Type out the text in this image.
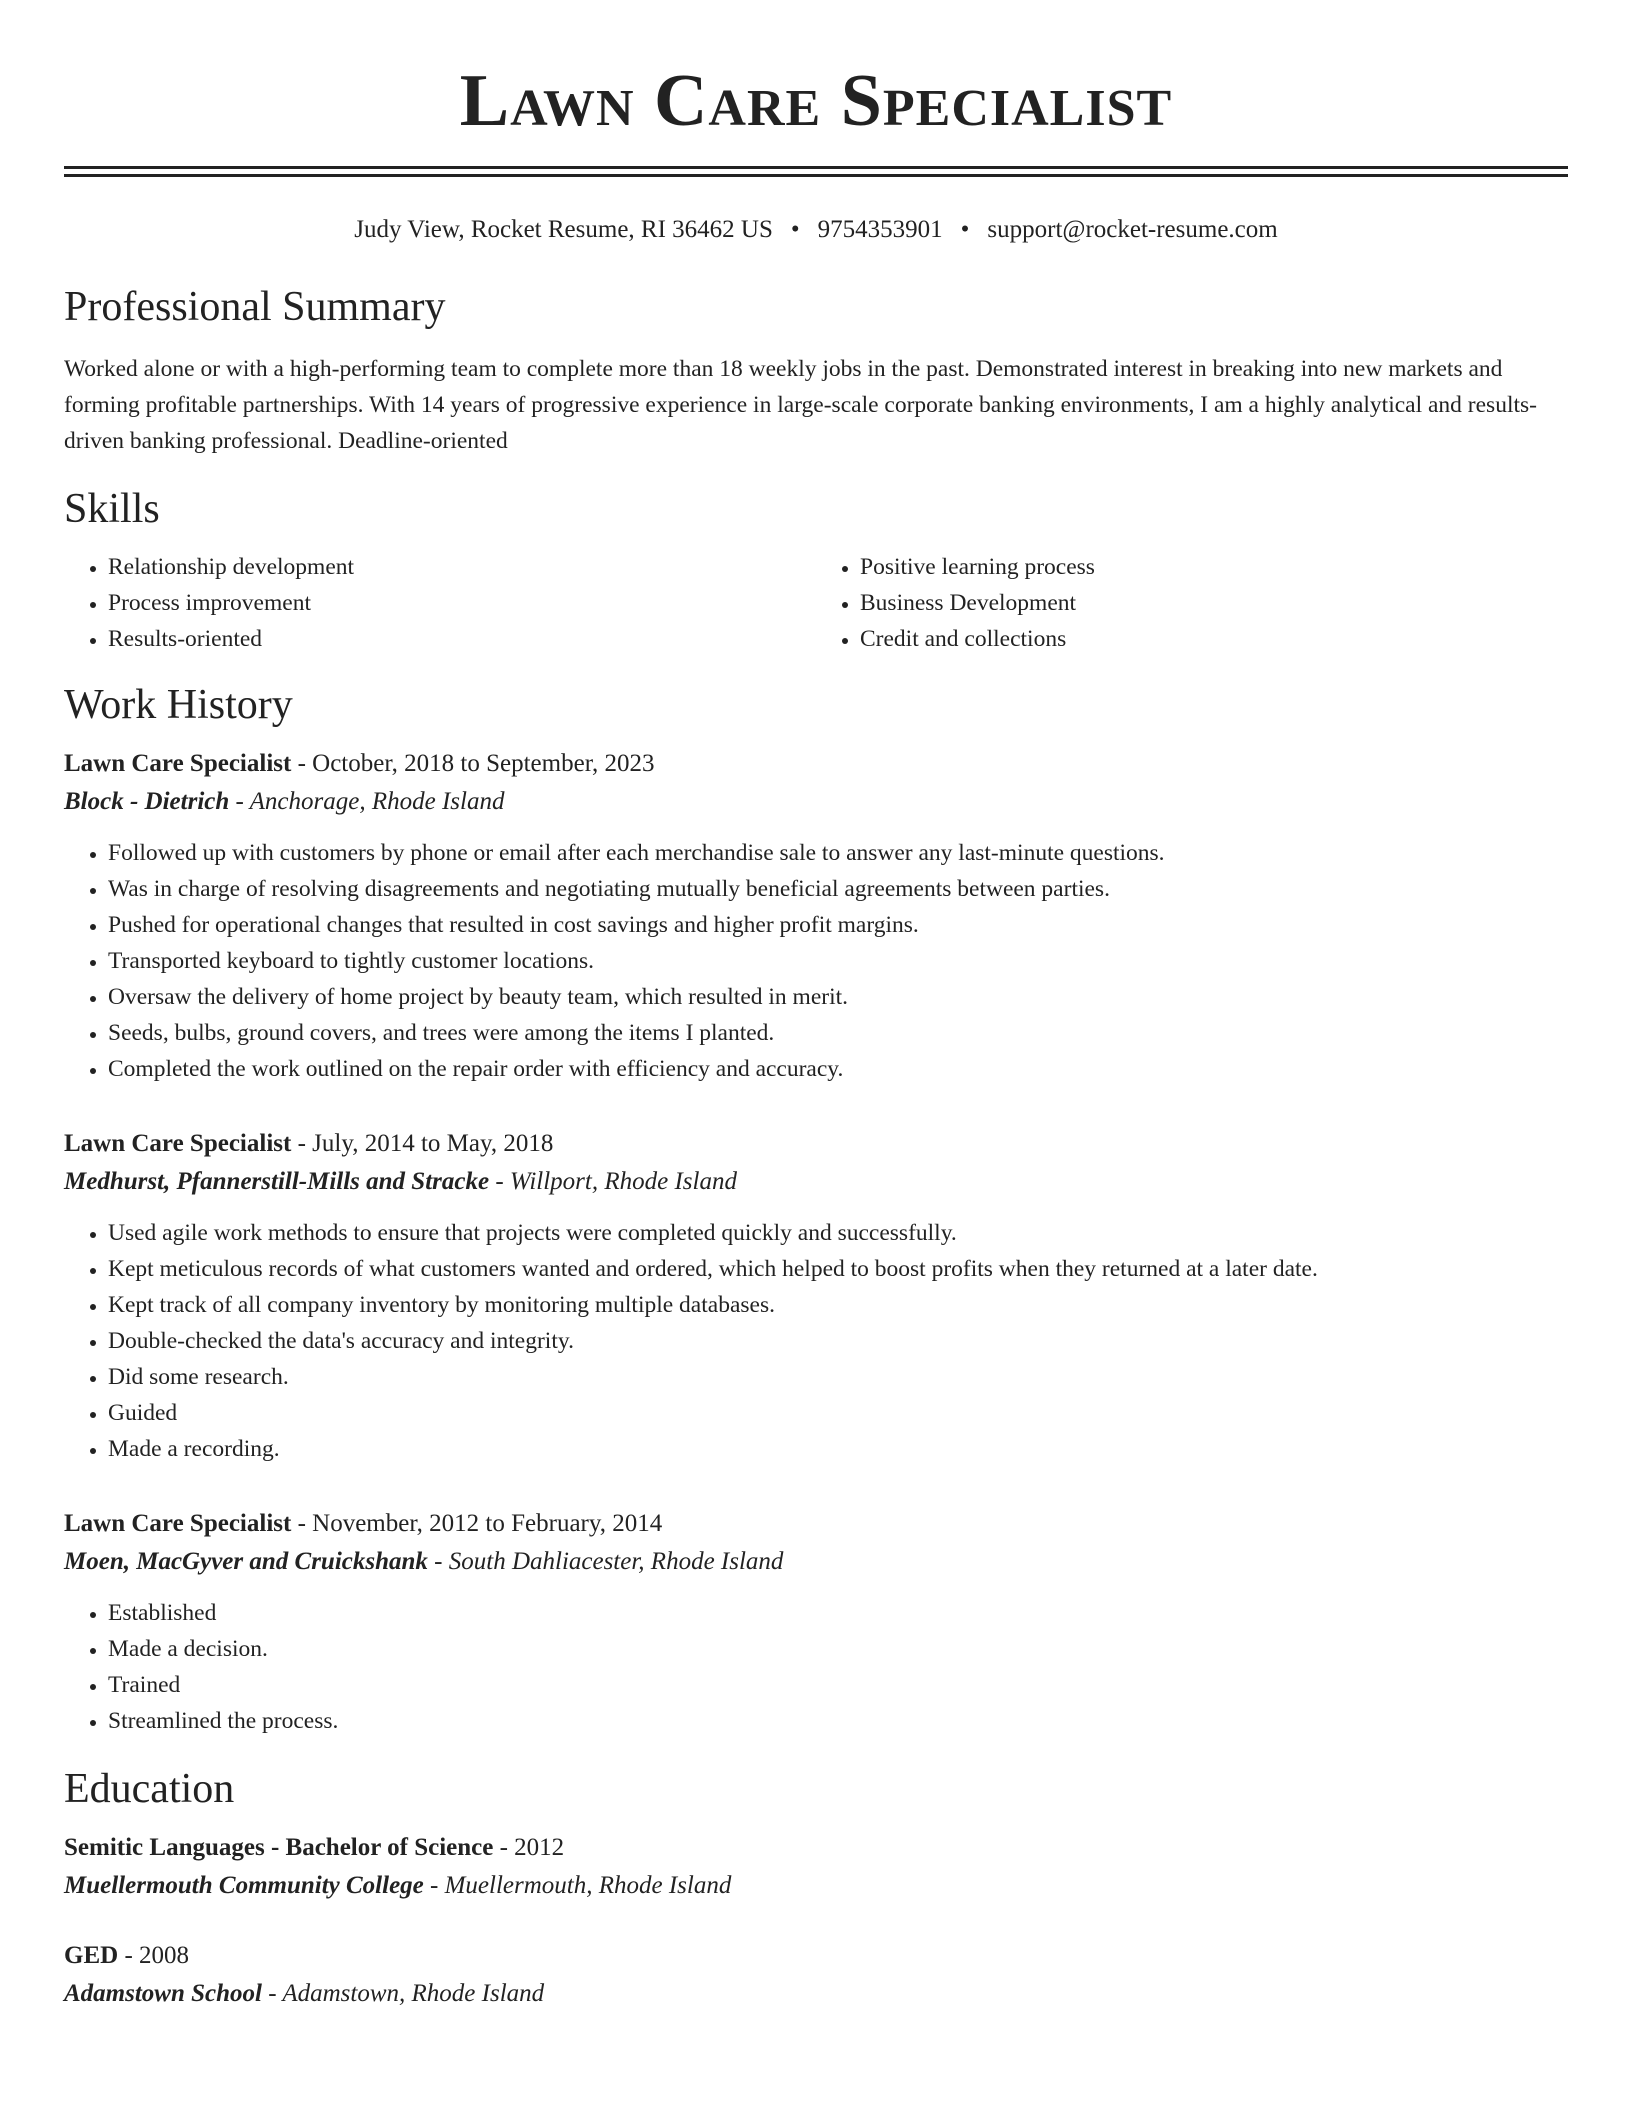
Lawn Care Specialist
Judy View, Rocket Resume, RI 36462 US • 9754353901 • support@rocket-resume.com
Professional Summary
Worked alone or with a high-performing team to complete more than 18 weekly jobs in the past. Demonstrated interest in breaking into new markets and forming profitable partnerships. With 14 years of progressive experience in large-scale corporate banking environments, I am a highly analytical and results-driven banking professional. Deadline-oriented
Skills
• Relationship development
• Process improvement
• Results-oriented
• Positive learning process
• Business Development
• Credit and collections
Work History
Lawn Care Specialist - October, 2018 to September, 2023
Block - Dietrich - Anchorage, Rhode Island
• Followed up with customers by phone or email after each merchandise sale to answer any last-minute questions.
• Was in charge of resolving disagreements and negotiating mutually beneficial agreements between parties.
• Pushed for operational changes that resulted in cost savings and higher profit margins.
• Transported keyboard to tightly customer locations.
• Oversaw the delivery of home project by beauty team, which resulted in merit.
• Seeds, bulbs, ground covers, and trees were among the items I planted.
• Completed the work outlined on the repair order with efficiency and accuracy.
Lawn Care Specialist - July, 2014 to May, 2018
Medhurst, Pfannerstill-Mills and Stracke - Willport, Rhode Island
• Used agile work methods to ensure that projects were completed quickly and successfully.
• Kept meticulous records of what customers wanted and ordered, which helped to boost profits when they returned at a later date.
• Kept track of all company inventory by monitoring multiple databases.
• Double-checked the data's accuracy and integrity.
• Did some research.
• Guided
• Made a recording.
Lawn Care Specialist - November, 2012 to February, 2014
Moen, MacGyver and Cruickshank - South Dahliacester, Rhode Island
• Established
• Made a decision.
• Trained
• Streamlined the process.
Education
Semitic Languages - Bachelor of Science - 2012
Muellermouth Community College - Muellermouth, Rhode Island
GED - 2008
Adamstown School - Adamstown, Rhode Island
